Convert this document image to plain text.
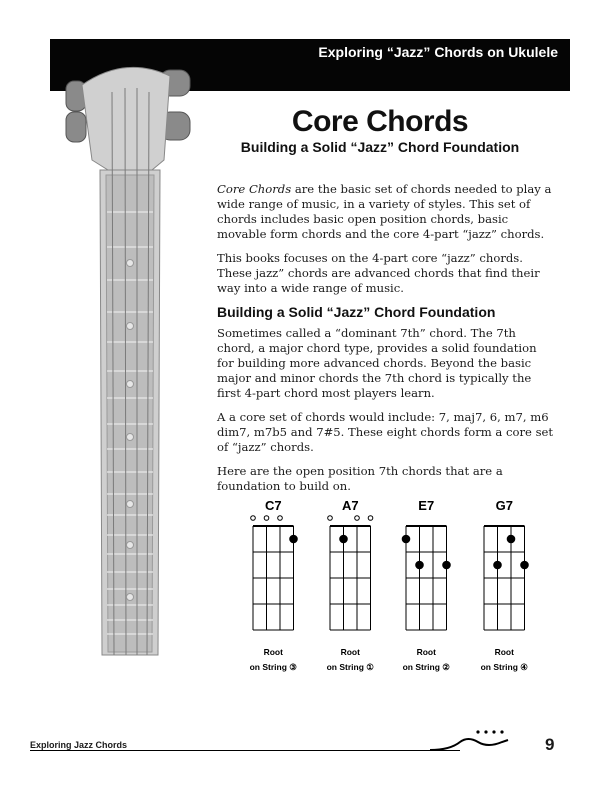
Exploring “Jazz” Chords on Ukulele
Core Chords
Building a Solid “Jazz” Chord Foundation

Core Chords are the basic set of chords needed to play a wide range of music, in a variety of styles. This set of chords includes basic open position chords, basic movable form chords and the core 4-part “jazz” chords.

This books focuses on the 4-part core “jazz” chords. These jazz” chords are advanced chords that find their way into a wide range of music.

Building a Solid “Jazz” Chord Foundation

Sometimes called a “dominant 7th” chord. The 7th chord, a major chord type, provides a solid foundation for building more advanced chords. Beyond the basic major and minor chords the 7th chord is typically the first 4-part chord most players learn.

A a core set of chords would include: 7, maj7, 6, m7, m6 dim7, m7b5 and 7#5. These eight chords form a core set of “jazz” chords.

Here are the open position 7th chords that are a foundation to build on.

C7
Root
on String ③
A7
Root
on String ①
E7
Root
on String ②
G7
Root
on String ④
Exploring Jazz Chords	9
